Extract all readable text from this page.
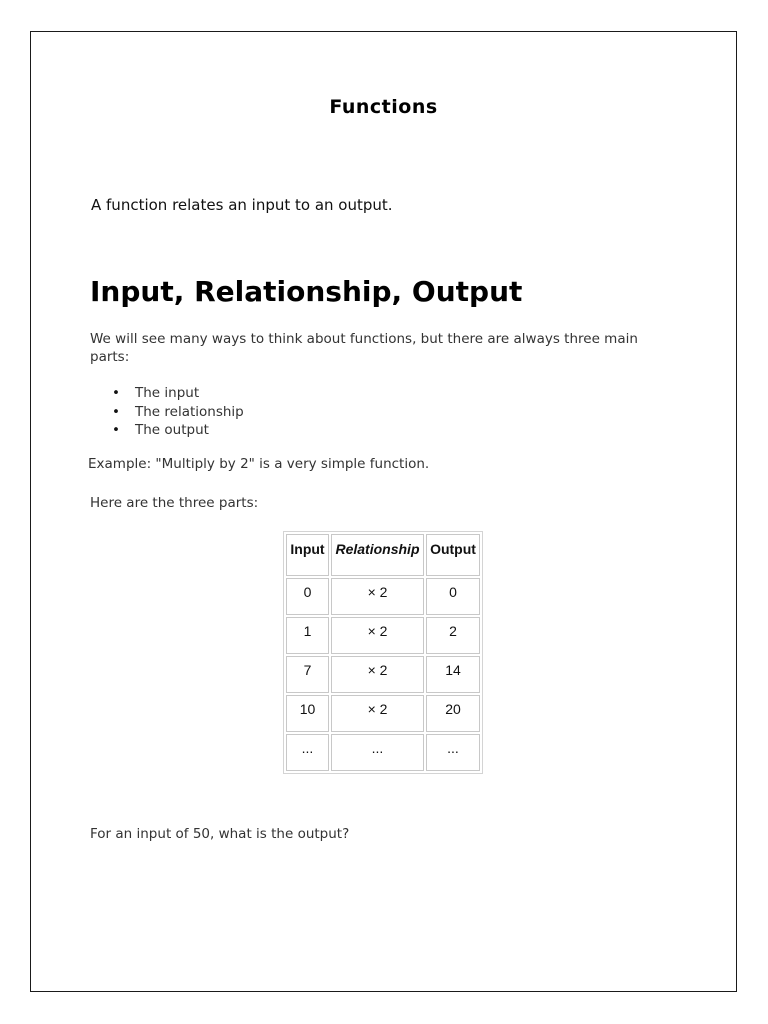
Functions
A function relates an input to an output.
Input, Relationship, Output
We will see many ways to think about functions, but there are always three main parts:
• The input
• The relationship
• The output
Example: "Multiply by 2" is a very simple function.
Here are the three parts:
Input	Relationship	Output
0	× 2	0
1	× 2	2
7	× 2	14
10	× 2	20
...	...	...
For an input of 50, what is the output?
